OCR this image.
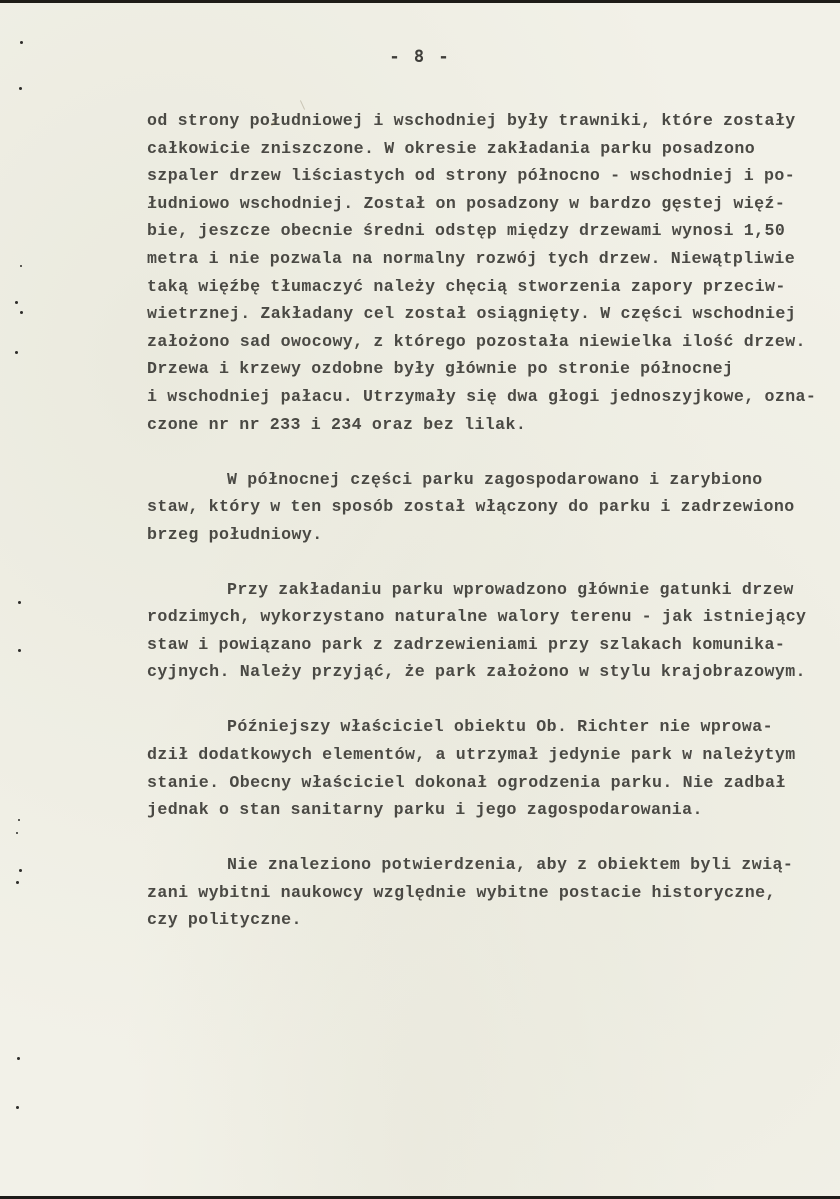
- 8 -
od strony południowej i wschodniej były trawniki, które zostały
całkowicie zniszczone. W okresie zakładania parku posadzono
szpaler drzew liściastych od strony północno - wschodniej i po-
łudniowo wschodniej. Został on posadzony w bardzo gęstej więź-
bie, jeszcze obecnie średni odstęp między drzewami wynosi 1,50
metra i nie pozwala na normalny rozwój tych drzew. Niewątpliwie
taką więźbę tłumaczyć należy chęcią stworzenia zapory przeciw-
wietrznej. Zakładany cel został osiągnięty. W części wschodniej
założono sad owocowy, z którego pozostała niewielka ilość drzew.
Drzewa i krzewy ozdobne były głównie po stronie północnej
i wschodniej pałacu. Utrzymały się dwa głogi jednoszyjkowe, ozna-
czone nr nr 233 i 234 oraz bez lilak.
W północnej części parku zagospodarowano i zarybiono
staw, który w ten sposób został włączony do parku i zadrzewiono
brzeg południowy.
Przy zakładaniu parku wprowadzono głównie gatunki drzew
rodzimych, wykorzystano naturalne walory terenu - jak istniejący
staw i powiązano park z zadrzewieniami przy szlakach komunika-
cyjnych. Należy przyjąć, że park założono w stylu krajobrazowym.
Późniejszy właściciel obiektu Ob. Richter nie wprowa-
dził dodatkowych elementów, a utrzymał jedynie park w należytym
stanie. Obecny właściciel dokonał ogrodzenia parku. Nie zadbał
jednak o stan sanitarny parku i jego zagospodarowania.
Nie znaleziono potwierdzenia, aby z obiektem byli zwią-
zani wybitni naukowcy względnie wybitne postacie historyczne,
czy polityczne.
